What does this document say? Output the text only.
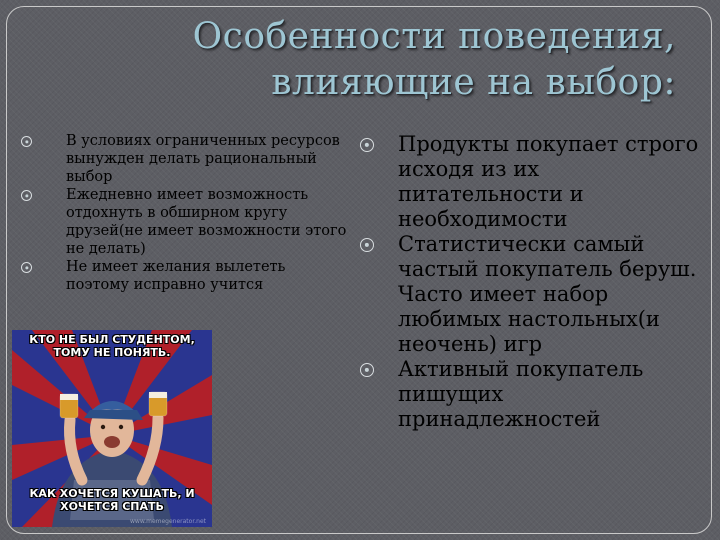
Особенности поведения,
влияющие на выбор:
В условиях ограниченных ресурсов вынужден делать рациональный выбор
Ежедневно имеет возможность отдохнуть в обширном кругу друзей(не имеет возможности этого не делать)
Не имеет желания вылететь поэтому исправно учится
Продукты покупает строго исходя из их питательности и необходимости
Статистически самый частый покупатель беруш. Часто имеет набор любимых настольных(и неочень) игр
Активный покупатель пишущих принадлежностей
КТО НЕ БЫЛ СТУДЕНТОМ, ТОМУ НЕ ПОНЯТЬ.
КАК ХОЧЕТСЯ КУШАТЬ, И ХОЧЕТСЯ СПАТЬ
www.memegenerator.net
